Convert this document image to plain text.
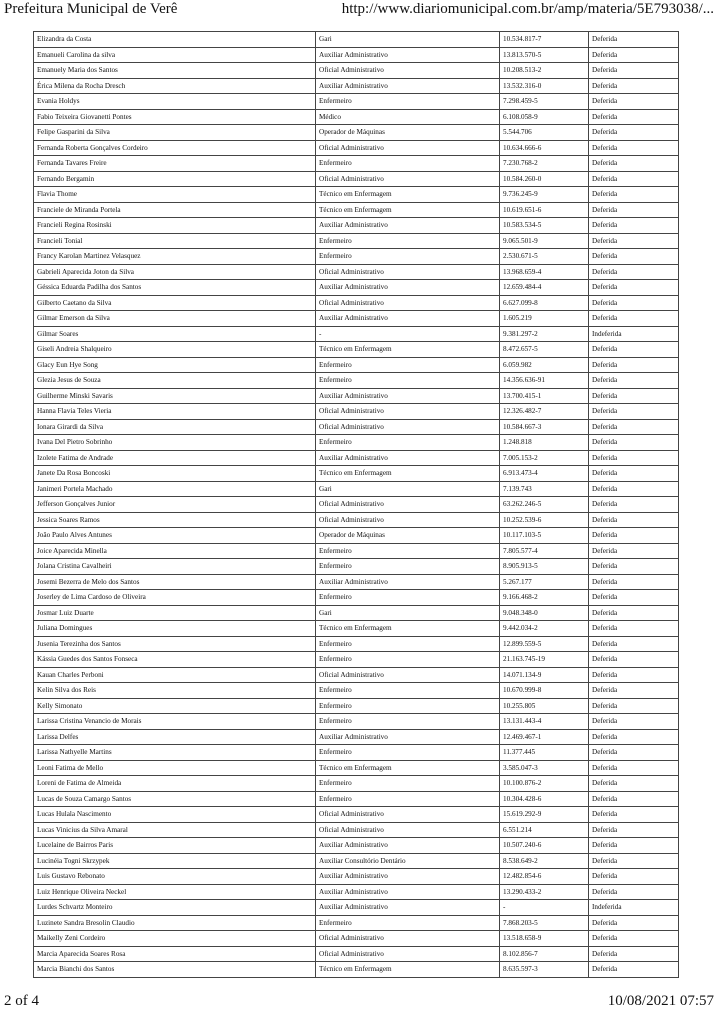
Prefeitura Municipal de Verê	http://www.diariomunicipal.com.br/amp/materia/5E793038/...
Elizandra da Costa	Gari	10.534.817-7	Deferida
Emanueli Carolina da silva	Auxiliar Administrativo	13.813.570-5	Deferida
Emanuely Maria dos Santos	Oficial Administrativo	10.208.513-2	Deferida
Érica Milena da Rocha Dresch	Auxiliar Administrativo	13.532.316-0	Deferida
Evania Holdys	Enfermeiro	7.298.459-5	Deferida
Fabio Teixeira Giovanetti Pontes	Médico	6.108.058-9	Deferida
Felipe Gasparini da Silva	Operador de Máquinas	5.544.706	Deferida
Fernanda Roberta Gonçalves Cordeiro	Oficial Administrativo	10.634.666-6	Deferida
Fernanda Tavares Freire	Enfermeiro	7.230.768-2	Deferida
Fernando Bergamin	Oficial Administrativo	10.584.260-0	Deferida
Flavia Thome	Técnico em Enfermagem	9.736.245-9	Deferida
Franciele de Miranda Portela	Técnico em Enfermagem	10.619.651-6	Deferida
Francieli Regina Rosinski	Auxiliar Administrativo	10.583.534-5	Deferida
Francieli Tonial	Enfermeiro	9.065.501-9	Deferida
Francy Karolan Martinez Velasquez	Enfermeiro	2.530.671-5	Deferida
Gabrieli Aparecida Joton da Silva	Oficial Administrativo	13.968.659-4	Deferida
Géssica Eduarda Padilha dos Santos	Auxiliar Administrativo	12.659.484-4	Deferida
Gilberto Caetano da Silva	Oficial Administrativo	6.627.099-8	Deferida
Gilmar Emerson da Silva	Auxiliar Administrativo	1.605.219	Deferida
Gilmar Soares	-	9.381.297-2	Indeferida
Giseli Andreia Shalqueiro	Técnico em Enfermagem	8.472.657-5	Deferida
Glacy Eun Hye Song	Enfermeiro	6.059.982	Deferida
Glezia Jesus de Souza	Enfermeiro	14.356.636-91	Deferida
Guilherme Minski Savaris	Auxiliar Administrativo	13.700.415-1	Deferida
Hanna Flavia Teles Vieria	Oficial Administrativo	12.326.482-7	Deferida
Ionara Girardi da Silva	Oficial Administrativo	10.584.667-3	Deferida
Ivana Del Pietro Sobrinho	Enfermeiro	1.248.818	Deferida
Izolete Fatima de Andrade	Auxiliar Administrativo	7.005.153-2	Deferida
Janete Da Rosa Boncoski	Técnico em Enfermagem	6.913.473-4	Deferida
Janimeri Portela Machado	Gari	7.139.743	Deferida
Jefferson Gonçalves Junior	Oficial Administrativo	63.262.246-5	Deferida
Jessica Soares Ramos	Oficial Administrativo	10.252.539-6	Deferida
João Paulo Alves Antunes	Operador de Máquinas	10.117.103-5	Deferida
Joice Aparecida Minella	Enfermeiro	7.805.577-4	Deferida
Jolana Cristina Cavalheiri	Enfermeiro	8.905.913-5	Deferida
Josemi Bezerra de Melo dos Santos	Auxiliar Administrativo	5.267.177	Deferida
Joserley de Lima Cardoso de Oliveira	Enfermeiro	9.166.468-2	Deferida
Josmar Luiz Duarte	Gari	9.048.348-0	Deferida
Juliana Domingues	Técnico em Enfermagem	9.442.034-2	Deferida
Jusenia Terezinha dos Santos	Enfermeiro	12.899.559-5	Deferida
Kássia Guedes dos Santos Fonseca	Enfermeiro	21.163.745-19	Deferida
Kauan Charles Perboni	Oficial Administrativo	14.071.134-9	Deferida
Kelin Silva dos Reis	Enfermeiro	10.670.999-8	Deferida
Kelly Simonato	Enfermeiro	10.255.805	Deferida
Larissa Cristina Venancio de Morais	Enfermeiro	13.131.443-4	Deferida
Larissa Delfes	Auxiliar Administrativo	12.469.467-1	Deferida
Larissa Nathyelle Martins	Enfermeiro	11.377.445	Deferida
Leoni Fatima de Mello	Técnico em Enfermagem	3.585.047-3	Deferida
Loreni de Fatima de Almeida	Enfermeiro	10.100.876-2	Deferida
Lucas de Souza Camargo Santos	Enfermeiro	10.304.428-6	Deferida
Lucas Hulala Nascimento	Oficial Administrativo	15.619.292-9	Deferida
Lucas Vinicius da Silva Amaral	Oficial Administrativo	6.551.214	Deferida
Lucelaine de Bairros Paris	Auxiliar Administrativo	10.507.240-6	Deferida
Lucinéia Togni Skrzypek	Auxiliar Consultório Dentário	8.538.649-2	Deferida
Luis Gustavo Rebonato	Auxiliar Administrativo	12.482.854-6	Deferida
Luiz Henrique Oliveira Neckel	Auxiliar Administrativo	13.290.433-2	Deferida
Lurdes Schvartz Monteiro	Auxiliar Administrativo	-	Indeferida
Luzinete Sandra Bresolin Claudio	Enfermeiro	7.868.203-5	Deferida
Maikelly Zeni Cordeiro	Oficial Administrativo	13.518.658-9	Deferida
Marcia Aparecida Soares Rosa	Oficial Administrativo	8.102.856-7	Deferida
Marcia Bianchi dos Santos	Técnico em Enfermagem	8.635.597-3	Deferida
2 of 4	10/08/2021 07:57
